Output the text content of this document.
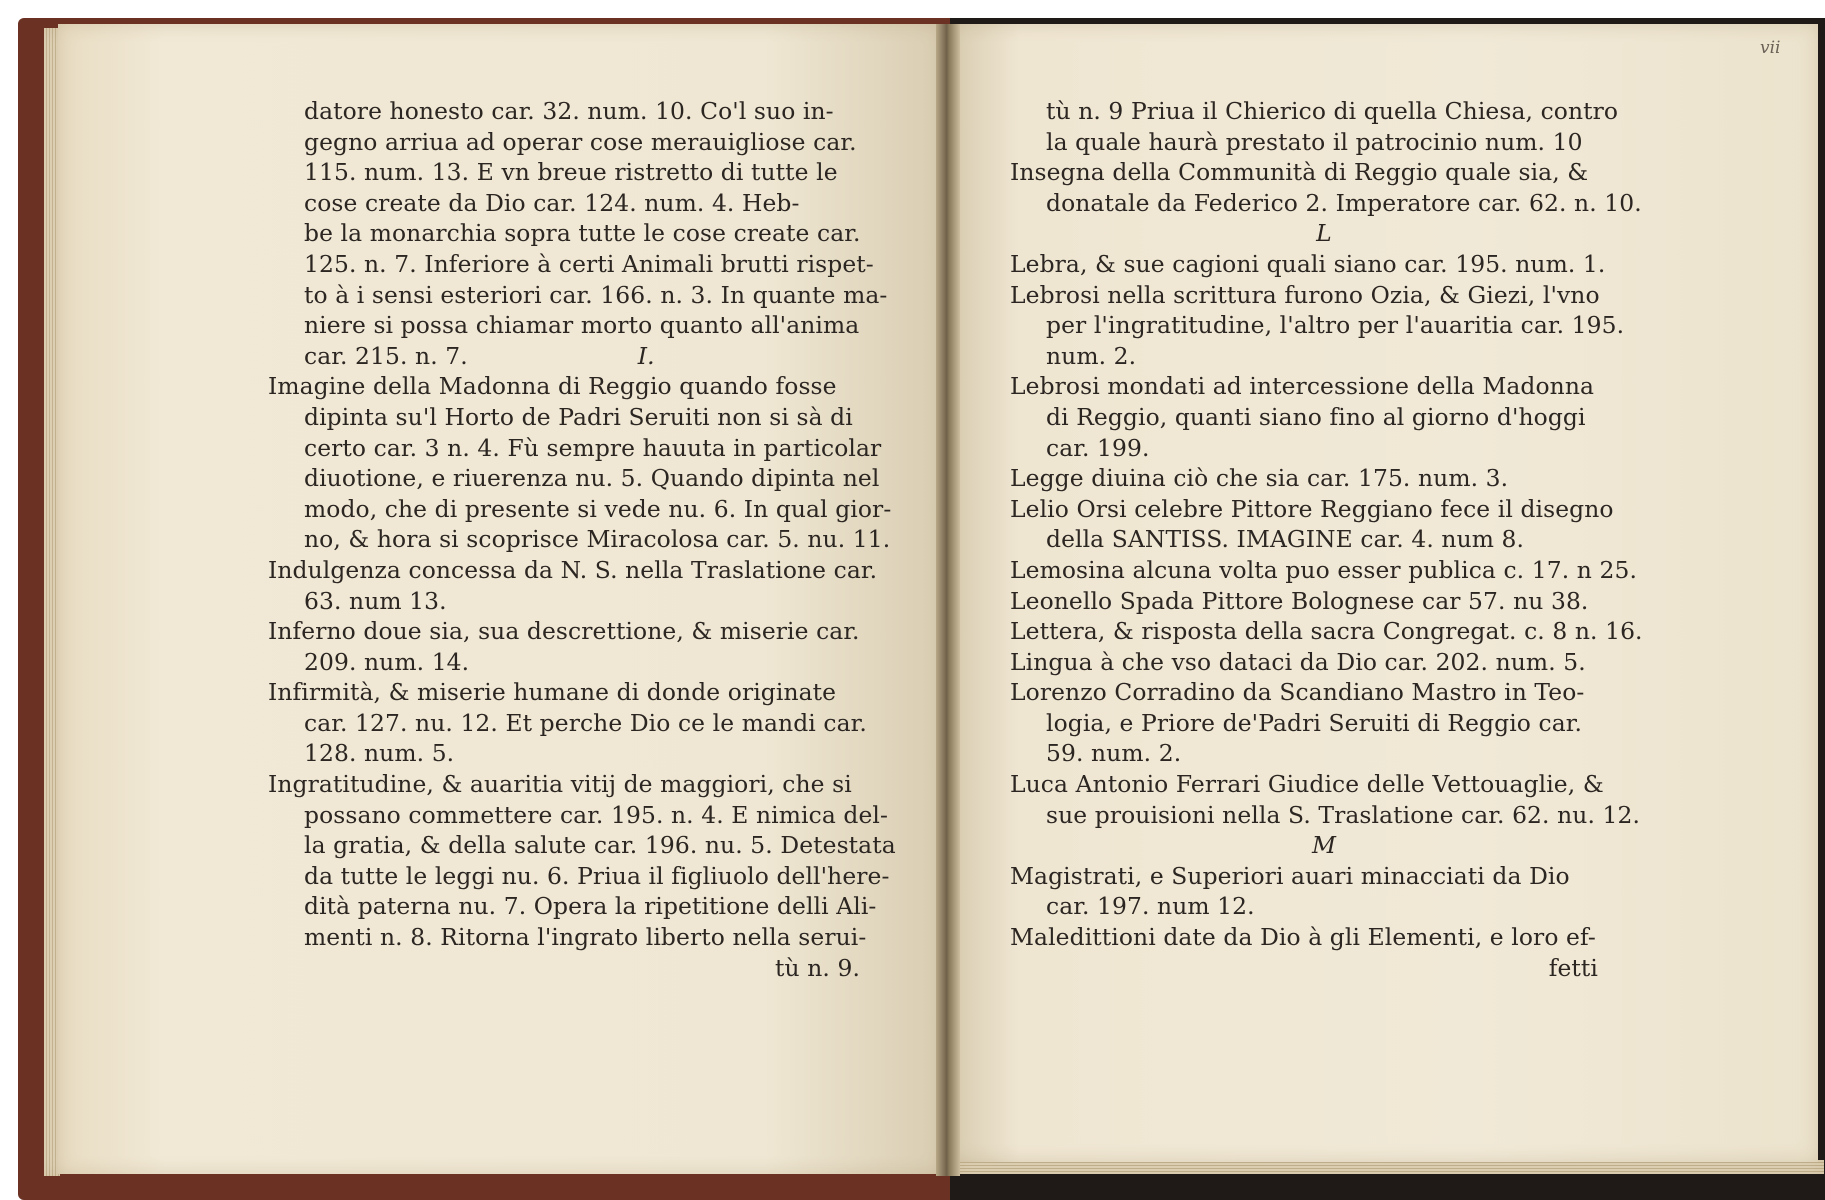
vii
datore honesto car. 32. num. 10. Co'l suo in-
gegno arriua ad operar cose merauigliose car.
115. num. 13. E vn breue ristretto di tutte le
cose create da Dio car. 124. num. 4. Heb-
be la monarchia sopra tutte le cose create car.
125. n. 7. Inferiore à certi Animali brutti rispet-
to à i sensi esteriori car. 166. n. 3. In quante ma-
niere si possa chiamar morto quanto all'anima
car. 215. n. 7.	I.
Imagine della Madonna di Reggio quando fosse
dipinta su'l Horto de Padri Seruiti non si sà di
certo car. 3 n. 4. Fù sempre hauuta in particolar
diuotione, e riuerenza nu. 5. Quando dipinta nel
modo, che di presente si vede nu. 6. In qual gior-
no, & hora si scoprisce Miracolosa car. 5. nu. 11.
Indulgenza concessa da N. S. nella Traslatione car.
63. num 13.
Inferno doue sia, sua descrettione, & miserie car.
209. num. 14.
Infirmità, & miserie humane di donde originate
car. 127. nu. 12. Et perche Dio ce le mandi car.
128. num. 5.
Ingratitudine, & auaritia vitij de maggiori, che si
possano commettere car. 195. n. 4. E nimica del-
la gratia, & della salute car. 196. nu. 5. Detestata
da tutte le leggi nu. 6. Priua il figliuolo dell'here-
dità paterna nu. 7. Opera la ripetitione delli Ali-
menti n. 8. Ritorna l'ingrato liberto nella serui-
tù n. 9.
tù n. 9 Priua il Chierico di quella Chiesa, contro
la quale haurà prestato il patrocinio num. 10
Insegna della Communità di Reggio quale sia, &
donatale da Federico 2. Imperatore car. 62. n. 10.
L
Lebra, & sue cagioni quali siano car. 195. num. 1.
Lebrosi nella scrittura furono Ozia, & Giezi, l'vno
per l'ingratitudine, l'altro per l'auaritia car. 195.
num. 2.
Lebrosi mondati ad intercessione della Madonna
di Reggio, quanti siano fino al giorno d'hoggi
car. 199.
Legge diuina ciò che sia car. 175. num. 3.
Lelio Orsi celebre Pittore Reggiano fece il disegno
della SANTISS. IMAGINE car. 4. num 8.
Lemosina alcuna volta puo esser publica c. 17. n 25.
Leonello Spada Pittore Bolognese car 57. nu 38.
Lettera, & risposta della sacra Congregat. c. 8 n. 16.
Lingua à che vso dataci da Dio car. 202. num. 5.
Lorenzo Corradino da Scandiano Mastro in Teo-
logia, e Priore de'Padri Seruiti di Reggio car.
59. num. 2.
Luca Antonio Ferrari Giudice delle Vettouaglie, &
sue prouisioni nella S. Traslatione car. 62. nu. 12.
M
Magistrati, e Superiori auari minacciati da Dio
car. 197. num 12.
Maledittioni date da Dio à gli Elementi, e loro ef-
fetti
